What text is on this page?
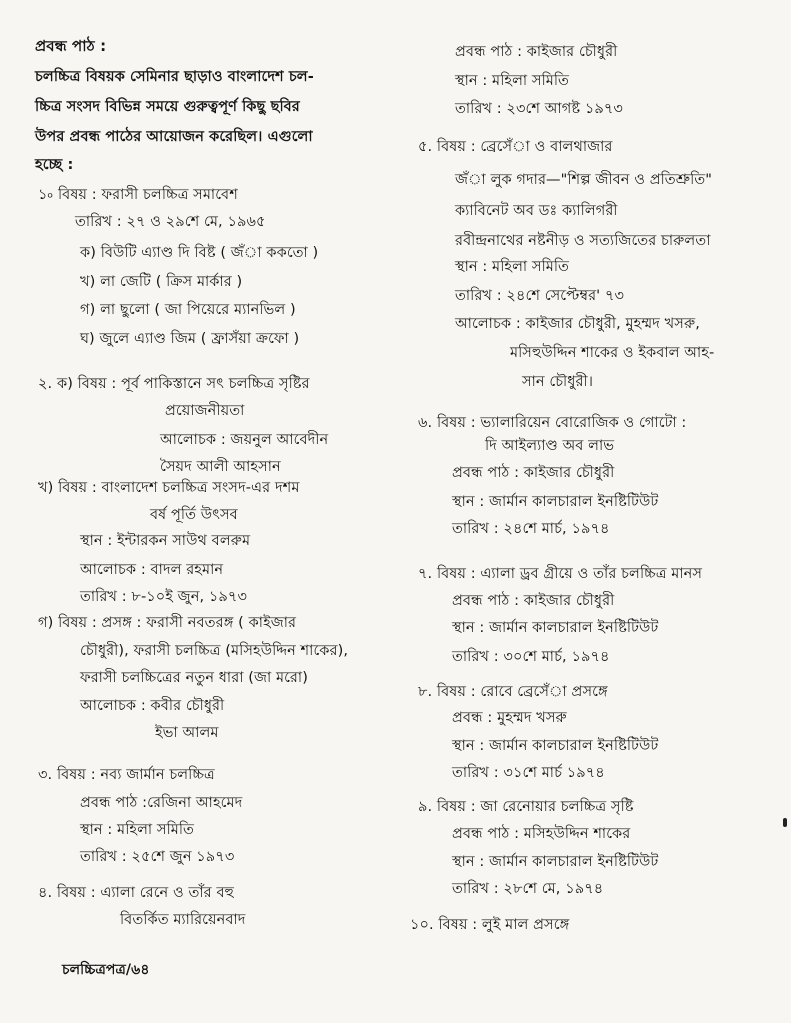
প্রবন্ধ পাঠ :
চলচ্চিত্র বিষয়ক সেমিনার ছাড়াও বাংলাদেশ চল-
চ্চিত্র সংসদ বিভিন্ন সময়ে গুরুত্বপূর্ণ কিছু ছবির
উপর প্রবন্ধ পাঠের আয়োজন করেছিল। এগুলো
হচ্ছে :
১৹ বিষয় : ফরাসী চলচ্চিত্র সমাবেশ
তারিখ : ২৭ ও ২৯শে মে, ১৯৬৫
ক) বিউটি এ্যাণ্ড দি বিষ্ট ( জঁা ককতো )
খ) লা জেটি ( ক্রিস মার্কার )
গ) লা ছুলো ( জা পিয়েরে ম্যানভিল )
ঘ) জুলে এ্যাণ্ড জিম ( ফ্রাসঁয়া ক্রফো )
২. ক) বিষয় : পূর্ব পাকিস্তানে সৎ চলচ্চিত্র সৃষ্টির
প্রয়োজনীয়তা
আলোচক : জয়নুল আবেদীন
সৈয়দ আলী আহসান
খ) বিষয় : বাংলাদেশ চলচ্চিত্র সংসদ-এর দশম
বর্ষ পূর্তি উৎসব
স্থান : ইন্টারকন সাউথ বলরুম
আলোচক : বাদল রহমান
তারিখ : ৮-১০ই জুন, ১৯৭৩
গ) বিষয় : প্রসঙ্গ : ফরাসী নবতরঙ্গ ( কাইজার
চৌধুরী), ফরাসী চলচ্চিত্র (মসিহউদ্দিন শাকের),
ফরাসী চলচ্চিত্রের নতুন ধারা (জা মরো)
আলোচক : কবীর চৌধুরী
ইভা আলম
৩. বিষয় : নব্য জার্মান চলচ্চিত্র
প্রবন্ধ পাঠ :রেজিনা আহমেদ
স্থান : মহিলা সমিতি
তারিখ : ২৫শে জুন ১৯৭৩
৪. বিষয় : এ্যালা রেনে ও তাঁর বহু
বিতর্কিত ম্যারিয়েনবাদ
চলচ্চিত্রপত্র/৬৪
প্রবন্ধ পাঠ : কাইজার চৌধুরী
স্থান : মহিলা সমিতি
তারিখ : ২৩শে আগষ্ট ১৯৭৩
৫. বিষয় : ব্রেসেঁা ও বালথাজার
জঁা লুক গদার—"শিল্প জীবন ও প্রতিশ্রুতি"
ক্যাবিনেট অব ডঃ ক্যালিগরী
রবীন্দ্রনাথের নষ্টনীড় ও সত্যজিতের চারুলতা
স্থান : মহিলা সমিতি
তারিখ : ২৪শে সেপ্টেম্বর' ৭৩
আলোচক : কাইজার চৌধুরী, মুহম্মদ খসরু,
মসিহুউদ্দিন শাকের ও ইকবাল আহ-
সান চৌধুরী।
৬. বিষয় : ভ্যালারিয়েন বোরোজিক ও গোটো :
দি আইল্যাণ্ড অব লাভ
প্রবন্ধ পাঠ : কাইজার চৌধুরী
স্থান : জার্মান কালচারাল ইনষ্টিটিউট
তারিখ : ২৪শে মার্চ, ১৯৭৪
৭. বিষয় : এ্যালা ড্রব গ্রীয়ে ও তাঁর চলচ্চিত্র মানস
প্রবন্ধ পাঠ : কাইজার চৌধুরী
স্থান : জার্মান কালচারাল ইনষ্টিটিউট
তারিখ : ৩০শে মার্চ, ১৯৭৪
৮. বিষয় : রোবে ব্রেসেঁা প্রসঙ্গে
প্রবন্ধ : মুহম্মদ খসরু
স্থান : জার্মান কালচারাল ইনষ্টিটিউট
তারিখ : ৩১শে মার্চ ১৯৭৪
৯. বিষয় : জা রেনোয়ার চলচ্চিত্র সৃষ্টি
প্রবন্ধ পাঠ : মসিহউদ্দিন শাকের
স্থান : জার্মান কালচারাল ইনষ্টিটিউট
তারিখ : ২৮শে মে, ১৯৭৪
১০. বিষয় : লুই মাল প্রসঙ্গে
